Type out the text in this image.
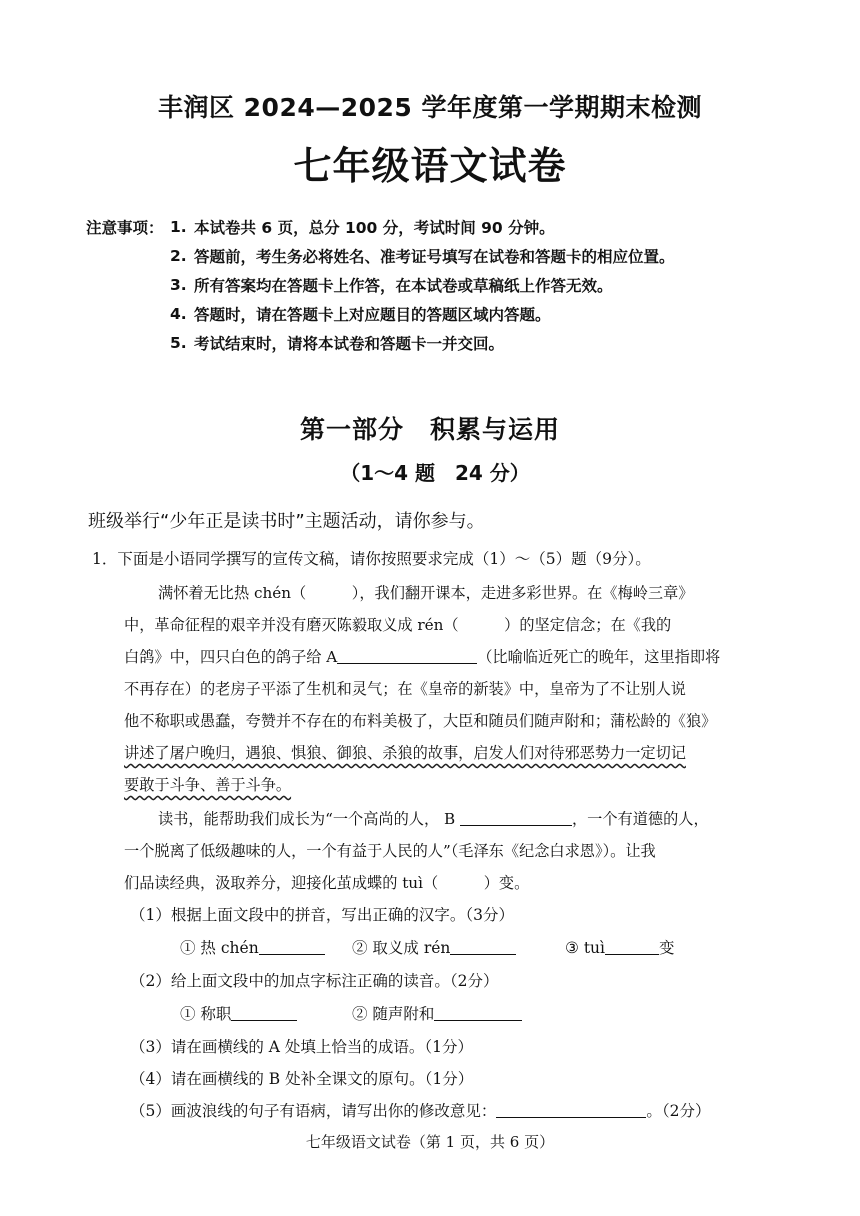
丰润区 2024—2025 学年度第一学期期末检测
七年级语文试卷
注意事项： 1. 本试卷共 6 页，总分 100 分，考试时间 90 分钟。
2. 答题前，考生务必将姓名、准考证号填写在试卷和答题卡的相应位置。
3. 所有答案均在答题卡上作答，在本试卷或草稿纸上作答无效。
4. 答题时，请在答题卡上对应题目的答题区域内答题。
5. 考试结束时，请将本试卷和答题卡一并交回。
第一部分　积累与运用
（1～4 题　24 分）
班级举行“少年正是读书时”主题活动，请你参与。
1．下面是小语同学撰写的宣传文稿，请你按照要求完成（1）～（5）题（9分）。
满怀着无比热 chén（　　　），我们翻开课本，走进多彩世界。在《梅岭三章》
中，革命征程的艰辛并没有磨灭陈毅取义成 rén（　　　）的坚定信念；在《我的
白鸽》中，四只白色的鸽子给 A	（比喻临近死亡的晚年，这里指即将
不再存在）的老房子平添了生机和灵气；在《皇帝的新装》中，皇帝为了不让别人说
他不称职或愚蠢，夸赞并不存在的布料美极了，大臣和随员们随声附和；蒲松龄的《狼》
讲述了屠户晚归，遇狼、惧狼、御狼、杀狼的故事，启发人们对待邪恶势力一定切记
要敢于斗争、善于斗争。
读书，能帮助我们成长为“一个高尚的人， B	，一个有道德的人，
一个脱离了低级趣味的人，一个有益于人民的人”（毛泽东《纪念白求恩》）。让我
们品读经典，汲取养分，迎接化茧成蝶的 tuì（　　　）变。
（1）根据上面文段中的拼音，写出正确的汉字。（3分）
① 热 chén	② 取义成 rén	③ tuì	变
（2）给上面文段中的加点字标注正确的读音。（2分）
① 称职	② 随声附和
（3）请在画横线的 A 处填上恰当的成语。（1分）
（4）请在画横线的 B 处补全课文的原句。（1分）
（5）画波浪线的句子有语病，请写出你的修改意见：	。（2分）
七年级语文试卷（第 1 页，共 6 页）
